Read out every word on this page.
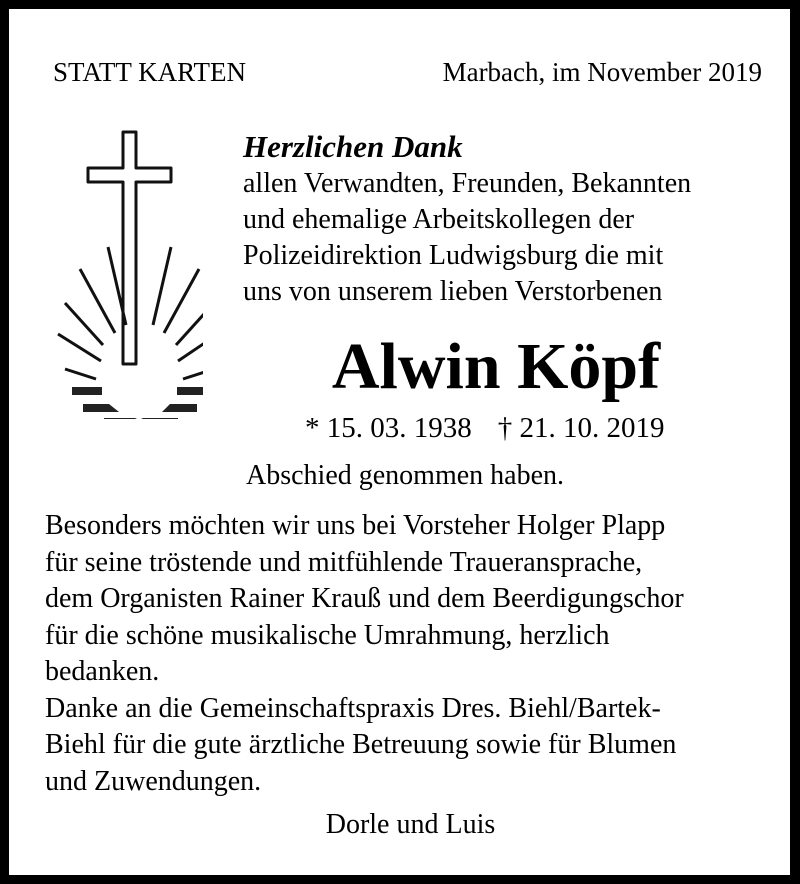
STATT KARTEN	Marbach, im November 2019
Herzlichen Dank
allen Verwandten, Freunden, Bekannten
und ehemalige Arbeitskollegen der
Polizeidirektion Ludwigsburg die mit
uns von unserem lieben Verstorbenen
Alwin Köpf
* 15. 03. 1938 † 21. 10. 2019
Abschied genommen haben.
Besonders möchten wir uns bei Vorsteher Holger Plapp
für seine tröstende und mitfühlende Traueransprache,
dem Organisten Rainer Krauß und dem Beerdigungschor
für die schöne musikalische Umrahmung, herzlich
bedanken.
Danke an die Gemeinschaftspraxis Dres. Biehl/Bartek-
Biehl für die gute ärztliche Betreuung sowie für Blumen
und Zuwendungen.
Dorle und Luis
